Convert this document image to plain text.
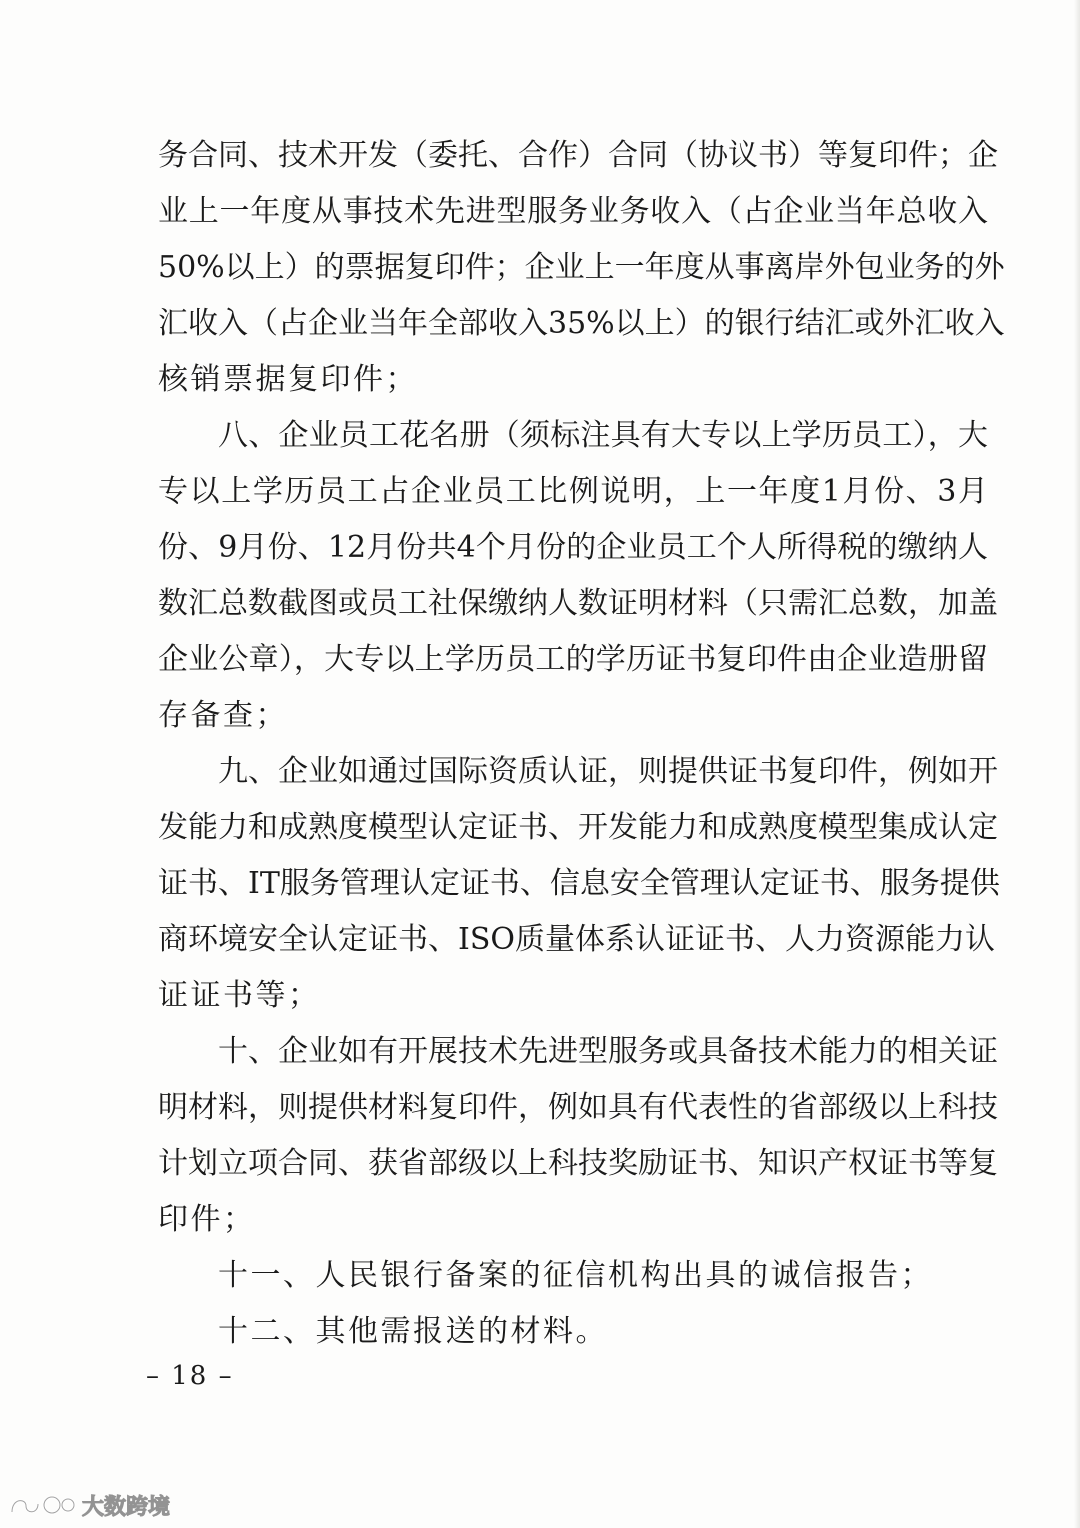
务合同、技术开发（委托、合作）合同（协议书）等复印件；企
业上一年度从事技术先进型服务业务收入（占企业当年总收入
50%以上）的票据复印件；企业上一年度从事离岸外包业务的外
汇收入（占企业当年全部收入35%以上）的银行结汇或外汇收入
核销票据复印件；
八、企业员工花名册（须标注具有大专以上学历员工），大
专以上学历员工占企业员工比例说明，上一年度1月份、3月
份、9月份、12月份共4个月份的企业员工个人所得税的缴纳人
数汇总数截图或员工社保缴纳人数证明材料（只需汇总数，加盖
企业公章），大专以上学历员工的学历证书复印件由企业造册留
存备查；
九、企业如通过国际资质认证，则提供证书复印件，例如开
发能力和成熟度模型认定证书、开发能力和成熟度模型集成认定
证书、IT服务管理认定证书、信息安全管理认定证书、服务提供
商环境安全认定证书、ISO质量体系认证证书、人力资源能力认
证证书等；
十、企业如有开展技术先进型服务或具备技术能力的相关证
明材料，则提供材料复印件，例如具有代表性的省部级以上科技
计划立项合同、获省部级以上科技奖励证书、知识产权证书等复
印件；
十一、人民银行备案的征信机构出具的诚信报告；
十二、其他需报送的材料。
– 18 –
大数跨境
